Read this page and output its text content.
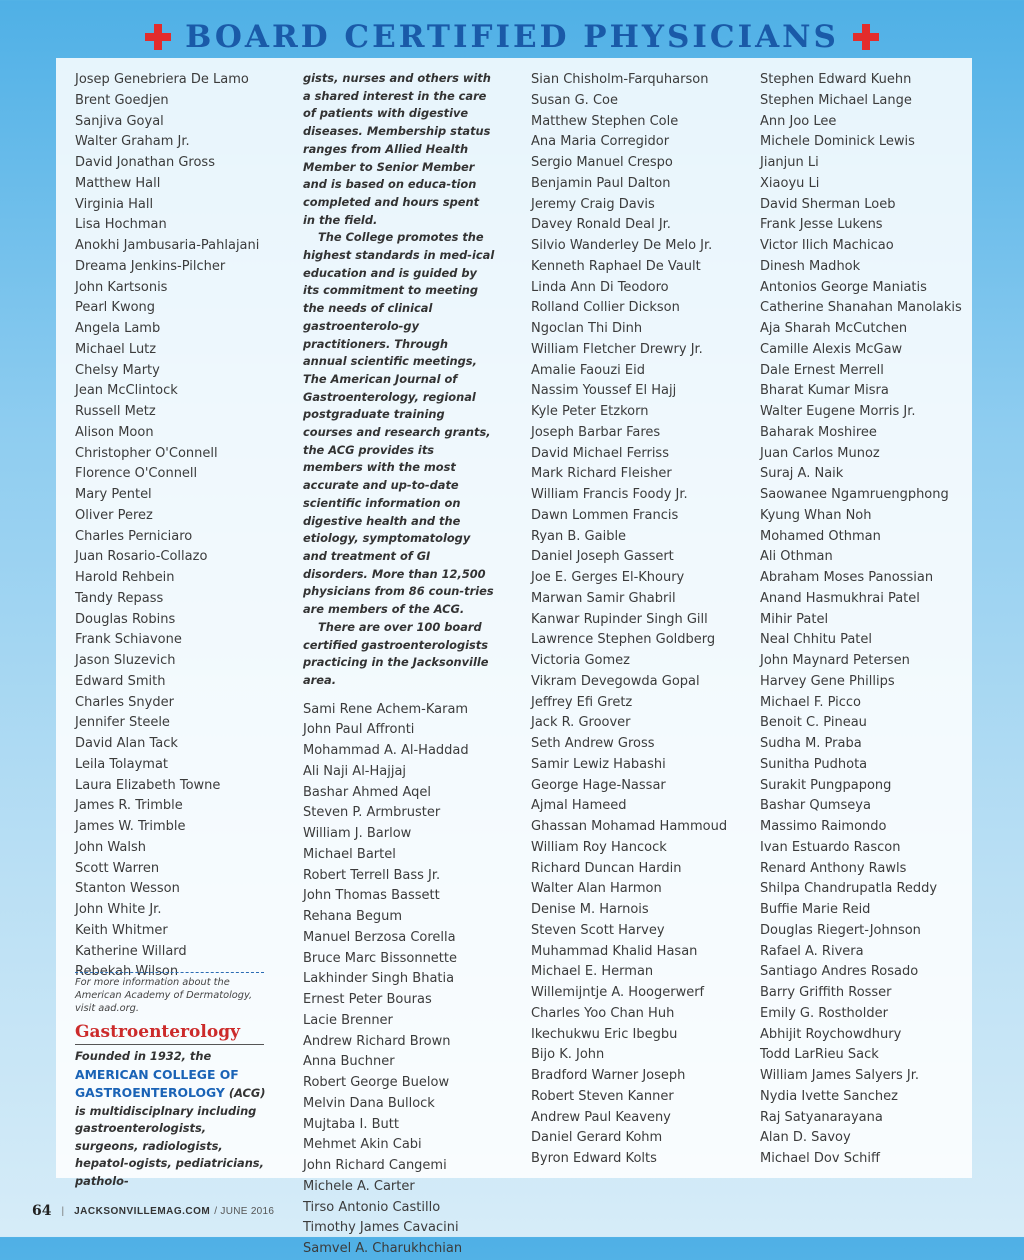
BOARD CERTIFIED PHYSICIANS
Josep Genebriera De Lamo
Brent Goedjen
Sanjiva Goyal
Walter Graham Jr.
David Jonathan Gross
Matthew Hall
Virginia Hall
Lisa Hochman
Anokhi Jambusaria-Pahlajani
Dreama Jenkins-Pilcher
John Kartsonis
Pearl Kwong
Angela Lamb
Michael Lutz
Chelsy Marty
Jean McClintock
Russell Metz
Alison Moon
Christopher O'Connell
Florence O'Connell
Mary Pentel
Oliver Perez
Charles Perniciaro
Juan Rosario-Collazo
Harold Rehbein
Tandy Repass
Douglas Robins
Frank Schiavone
Jason Sluzevich
Edward Smith
Charles Snyder
Jennifer Steele
David Alan Tack
Leila Tolaymat
Laura Elizabeth Towne
James R. Trimble
James W. Trimble
John Walsh
Scott Warren
Stanton Wesson
John White Jr.
Keith Whitmer
Katherine Willard
Rebekah Wilson
For more information about the American Academy of Dermatology, visit aad.org.
Gastroenterology
Founded in 1932, the AMERICAN COLLEGE OF GASTROENTEROLOGY (ACG) is multidisciplnary including gastroenterologists, surgeons, radiologists, hepatol-ogists, pediatricians, patholo-

gists, nurses and others with a shared interest in the care of patients with digestive diseases. Membership status ranges from Allied Health Member to Senior Member and is based on educa-tion completed and hours spent in the field.

The College promotes the highest standards in med-ical education and is guided by its commitment to meeting the needs of clinical gastroenterolo-gy practitioners. Through annual scientific meetings, The American Journal of Gastroenterology, regional postgraduate training courses and research grants, the ACG provides its members with the most accurate and up-to-date scientific information on digestive health and the etiology, symptomatology and treatment of GI disorders. More than 12,500 physicians from 86 coun-tries are members of the ACG.

There are over 100 board certified gastroenterologists practicing in the Jacksonville area.

Sami Rene Achem-Karam
John Paul Affronti
Mohammad A. Al-Haddad
Ali Naji Al-Hajjaj
Bashar Ahmed Aqel
Steven P. Armbruster
William J. Barlow
Michael Bartel
Robert Terrell Bass Jr.
John Thomas Bassett
Rehana Begum
Manuel Berzosa Corella
Bruce Marc Bissonnette
Lakhinder Singh Bhatia
Ernest Peter Bouras
Lacie Brenner
Andrew Richard Brown
Anna Buchner
Robert George Buelow
Melvin Dana Bullock
Mujtaba I. Butt
Mehmet Akin Cabi
John Richard Cangemi
Michele A. Carter
Tirso Antonio Castillo
Timothy James Cavacini
Samvel A. Charukhchian
Sian Chisholm-Farquharson
Susan G. Coe
Matthew Stephen Cole
Ana Maria Corregidor
Sergio Manuel Crespo
Benjamin Paul Dalton
Jeremy Craig Davis
Davey Ronald Deal Jr.
Silvio Wanderley De Melo Jr.
Kenneth Raphael De Vault
Linda Ann Di Teodoro
Rolland Collier Dickson
Ngoclan Thi Dinh
William Fletcher Drewry Jr.
Amalie Faouzi Eid
Nassim Youssef El Hajj
Kyle Peter Etzkorn
Joseph Barbar Fares
David Michael Ferriss
Mark Richard Fleisher
William Francis Foody Jr.
Dawn Lommen Francis
Ryan B. Gaible
Daniel Joseph Gassert
Joe E. Gerges El-Khoury
Marwan Samir Ghabril
Kanwar Rupinder Singh Gill
Lawrence Stephen Goldberg
Victoria Gomez
Vikram Devegowda Gopal
Jeffrey Efi Gretz
Jack R. Groover
Seth Andrew Gross
Samir Lewiz Habashi
George Hage-Nassar
Ajmal Hameed
Ghassan Mohamad Hammoud
William Roy Hancock
Richard Duncan Hardin
Walter Alan Harmon
Denise M. Harnois
Steven Scott Harvey
Muhammad Khalid Hasan
Michael E. Herman
Willemijntje A. Hoogerwerf
Charles Yoo Chan Huh
Ikechukwu Eric Ibegbu
Bijo K. John
Bradford Warner Joseph
Robert Steven Kanner
Andrew Paul Keaveny
Daniel Gerard Kohm
Byron Edward Kolts
Stephen Edward Kuehn
Stephen Michael Lange
Ann Joo Lee
Michele Dominick Lewis
Jianjun Li
Xiaoyu Li
David Sherman Loeb
Frank Jesse Lukens
Victor Ilich Machicao
Dinesh Madhok
Antonios George Maniatis
Catherine Shanahan Manolakis
Aja Sharah McCutchen
Camille Alexis McGaw
Dale Ernest Merrell
Bharat Kumar Misra
Walter Eugene Morris Jr.
Baharak Moshiree
Juan Carlos Munoz
Suraj A. Naik
Saowanee Ngamruengphong
Kyung Whan Noh
Mohamed Othman
Ali Othman
Abraham Moses Panossian
Anand Hasmukhrai Patel
Mihir Patel
Neal Chhitu Patel
John Maynard Petersen
Harvey Gene Phillips
Michael F. Picco
Benoit C. Pineau
Sudha M. Praba
Sunitha Pudhota
Surakit Pungpapong
Bashar Qumseya
Massimo Raimondo
Ivan Estuardo Rascon
Renard Anthony Rawls
Shilpa Chandrupatla Reddy
Buffie Marie Reid
Douglas Riegert-Johnson
Rafael A. Rivera
Santiago Andres Rosado
Barry Griffith Rosser
Emily G. Rostholder
Abhijit Roychowdhury
Todd LarRieu Sack
William James Salyers Jr.
Nydia Ivette Sanchez
Raj Satyanarayana
Alan D. Savoy
Michael Dov Schiff
64 | JACKSONVILLEMAG.COM / JUNE 2016
